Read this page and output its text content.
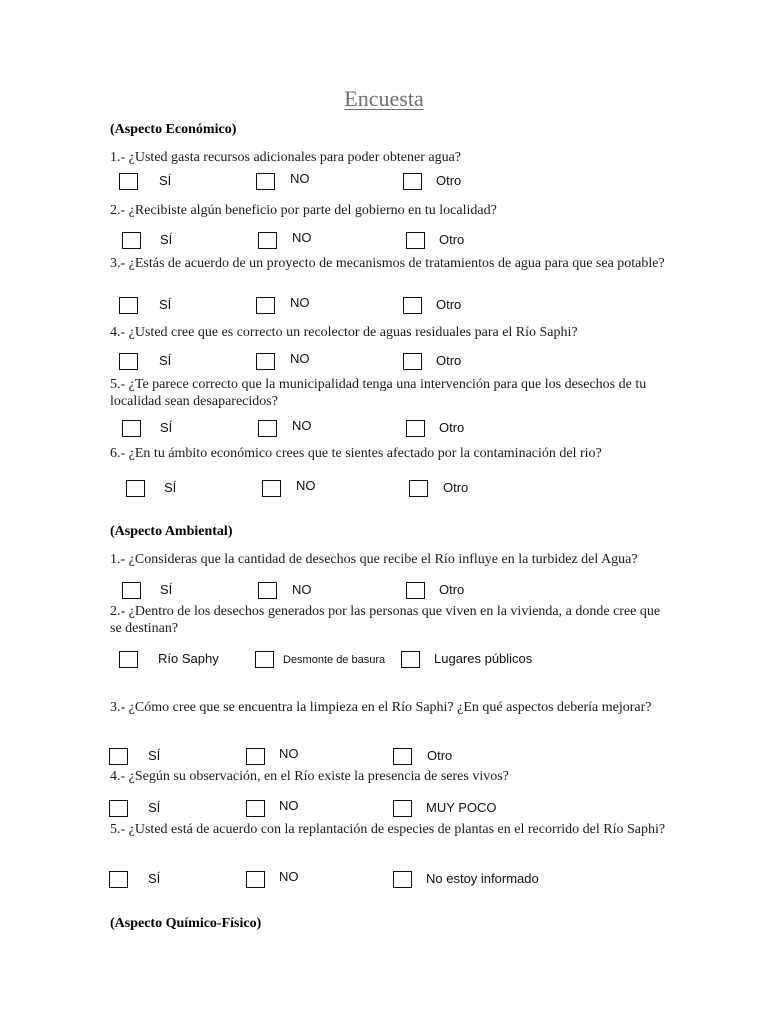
Encuesta
(Aspecto Económico)
1.- ¿Usted gasta recursos adicionales para poder obtener agua?
SÍ	NO	Otro
2.- ¿Recibiste algún beneficio por parte del gobierno en tu localidad?
SÍ	NO	Otro
3.- ¿Estás de acuerdo de un proyecto de mecanismos de tratamientos de agua para que sea potable?
SÍ	NO	Otro
4.- ¿Usted cree que es correcto un recolector de aguas residuales para el Río Saphi?
SÍ	NO	Otro
5.- ¿Te parece correcto que la municipalidad tenga una intervención para que los desechos de tu localidad sean desaparecidos?
SÍ	NO	Otro
6.- ¿En tu ámbito económico crees que te sientes afectado por la contaminación del rio?
SÍ	NO	Otro
(Aspecto Ambiental)
1.- ¿Consideras que la cantidad de desechos que recibe el Río influye en la turbidez del Agua?
SÍ	NO	Otro
2.- ¿Dentro de los desechos generados por las personas que viven en la vivienda, a donde cree que se destinan?
Río Saphy	Desmonte de basura	Lugares públicos
3.- ¿Cómo cree que se encuentra la limpieza en el Río Saphi? ¿En qué aspectos debería mejorar?
SÍ	NO	Otro
4.- ¿Según su observación, en el Río existe la presencia de seres vivos?
SÍ	NO	MUY POCO
5.- ¿Usted está de acuerdo con la replantación de especies de plantas en el recorrido del Río Saphi?
SÍ	NO	No estoy informado
(Aspecto Químico-Físico)
